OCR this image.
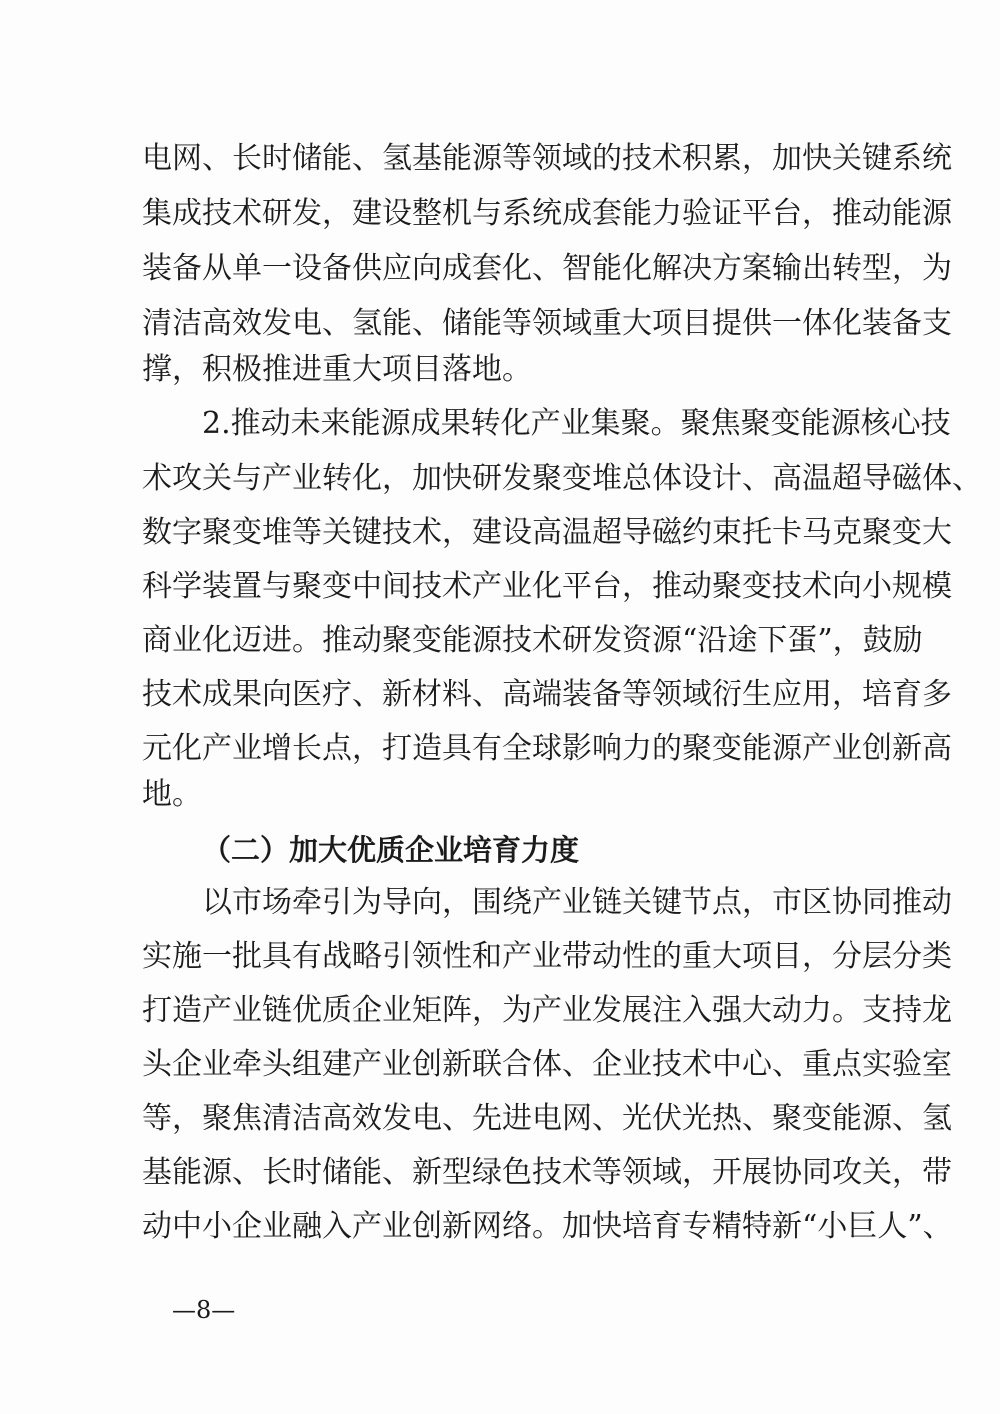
电网、长时储能、氢基能源等领域的技术积累，加快关键系统
集成技术研发，建设整机与系统成套能力验证平台，推动能源
装备从单一设备供应向成套化、智能化解决方案输出转型，为
清洁高效发电、氢能、储能等领域重大项目提供一体化装备支
撑，积极推进重大项目落地。
2.推动未来能源成果转化产业集聚。聚焦聚变能源核心技
术攻关与产业转化，加快研发聚变堆总体设计、高温超导磁体、
数字聚变堆等关键技术，建设高温超导磁约束托卡马克聚变大
科学装置与聚变中间技术产业化平台，推动聚变技术向小规模
商业化迈进。推动聚变能源技术研发资源“沿途下蛋”，鼓励
技术成果向医疗、新材料、高端装备等领域衍生应用，培育多
元化产业增长点，打造具有全球影响力的聚变能源产业创新高
地。
（二）加大优质企业培育力度
以市场牵引为导向，围绕产业链关键节点，市区协同推动
实施一批具有战略引领性和产业带动性的重大项目，分层分类
打造产业链优质企业矩阵，为产业发展注入强大动力。支持龙
头企业牵头组建产业创新联合体、企业技术中心、重点实验室
等，聚焦清洁高效发电、先进电网、光伏光热、聚变能源、氢
基能源、长时储能、新型绿色技术等领域，开展协同攻关，带
动中小企业融入产业创新网络。加快培育专精特新“小巨人”、
—8—
